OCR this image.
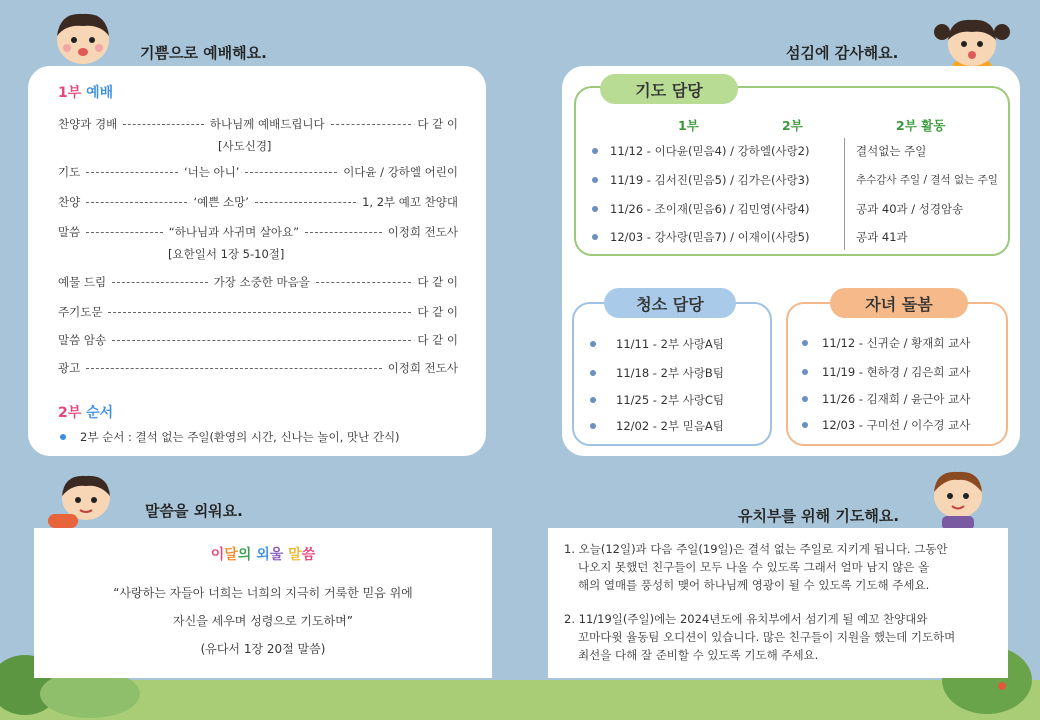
기쁨으로 예배해요.	섬김에 감사해요.
말씀을 외워요.	유치부를 위해 기도해요.
1부 예배
찬양과 경배	하나님께 예배드립니다	다 같 이
[사도신경]
기도	‘너는 아니’	이다윤 / 강하엘 어린이
찬양	‘예쁜 소망’	1, 2부 예꼬 찬양대
말씀	“하나님과 사귀며 살아요”	이정희 전도사
[요한일서 1장 5-10절]
예물 드림	가장 소중한 마음을	다 같 이
주기도문	다 같 이
말씀 암송	다 같 이
광고	이정희 전도사
2부 순서
2부 순서 : 결석 없는 주일(환영의 시간, 신나는 놀이, 맛난 간식)
기도 담당
1부	2부	2부 활동
11/12 - 이다윤(믿음4) / 강하엘(사랑2)	결석없는 주일
11/19 - 김서진(믿음5) / 김가은(사랑3)	추수감사 주일 / 결석 없는 주일
11/26 - 조이재(믿음6) / 김민영(사랑4)	공과 40과 / 성경암송
12/03 - 강사랑(믿음7) / 이재이(사랑5)	공과 41과
청소 담당
11/11 - 2부 사랑A팀
11/18 - 2부 사랑B팀
11/25 - 2부 사랑C팀
12/02 - 2부 믿음A팀
자녀 돌봄
11/12 - 신귀순 / 황재희 교사
11/19 - 현하경 / 김은희 교사
11/26 - 김재희 / 윤근아 교사
12/03 - 구미선 / 이수경 교사
이달의 외울 말씀
“사랑하는 자들아 너희는 너희의 지극히 거룩한 믿음 위에
자신을 세우며 성령으로 기도하며”
(유다서 1장 20절 말씀)
1. 오늘(12일)과 다음 주일(19일)은 결석 없는 주일로 지키게 됩니다. 그동안
나오지 못했던 친구들이 모두 나올 수 있도록 그래서 얼마 남지 않은 올
해의 열매를 풍성히 맺어 하나님께 영광이 될 수 있도록 기도해 주세요.
2. 11/19일(주일)에는 2024년도에 유치부에서 섬기게 될 예꼬 찬양대와
꼬마다윗 율동팀 오디션이 있습니다. 많은 친구들이 지원을 했는데 기도하며
최선을 다해 잘 준비할 수 있도록 기도해 주세요.
